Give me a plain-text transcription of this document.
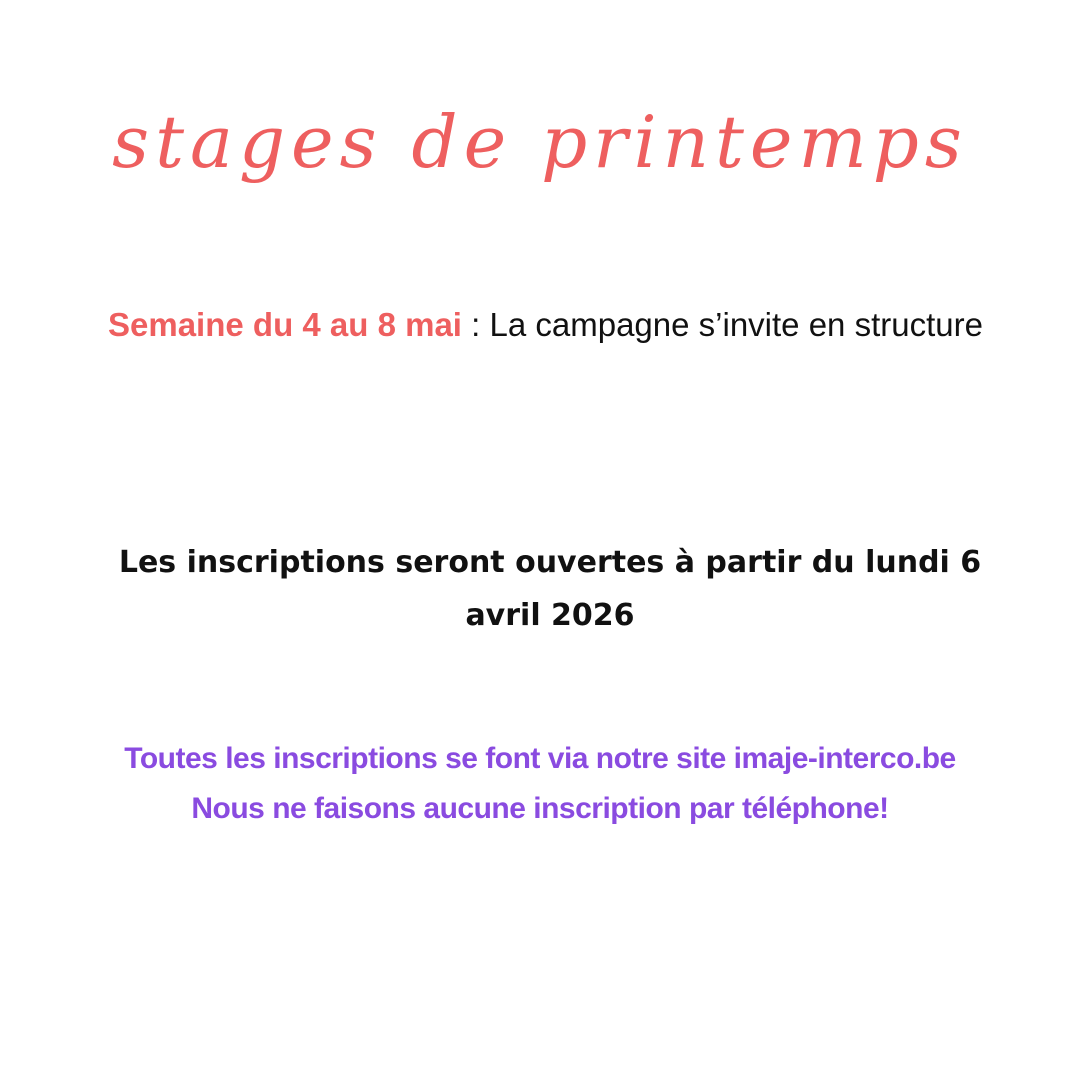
stages de printemps
Semaine du 4 au 8 mai : La campagne s’invite en structure
Les inscriptions seront ouvertes à partir du lundi 6 avril 2026
Toutes les inscriptions se font via notre site imaje-interco.be
Nous ne faisons aucune inscription par téléphone!
